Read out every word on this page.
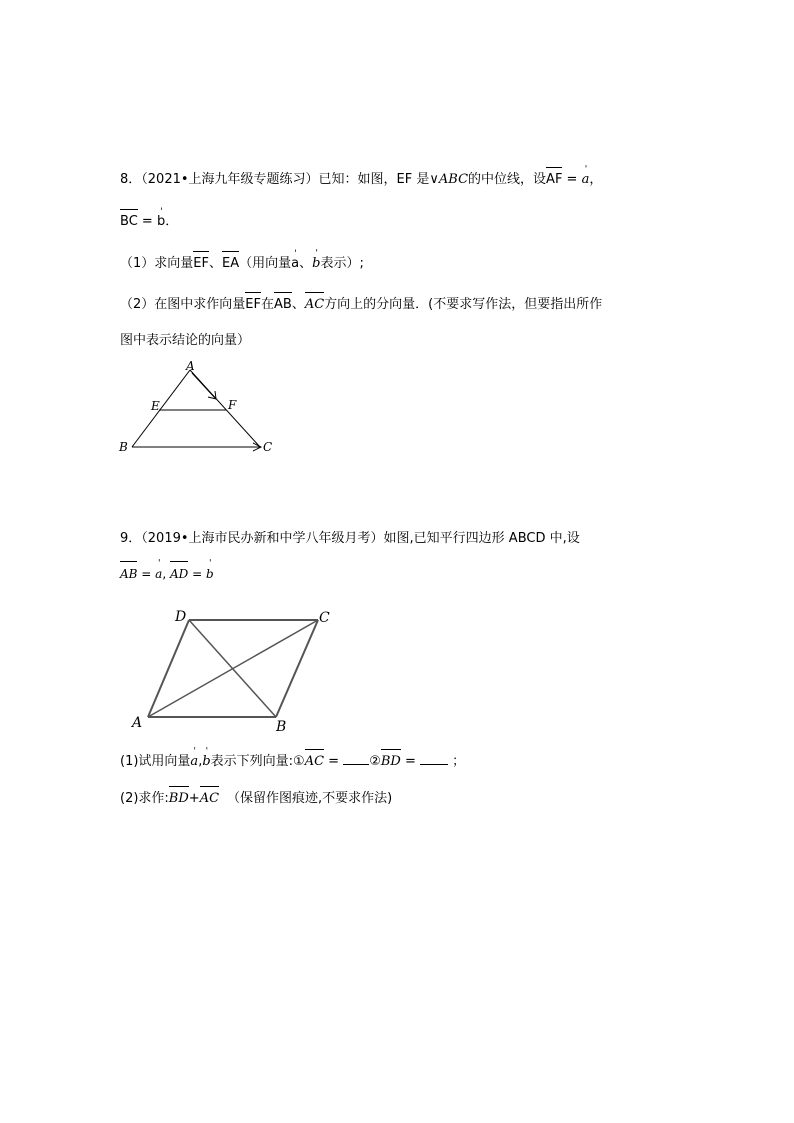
8．（2021•上海九年级专题练习）已知：如图，EF 是∨ABC的中位线，设AF = ' a，
BC = ' b．
（1）求向量EF、EA（用向量' a、' b表示）;
（2）在图中求作向量EF在AB、AC方向上的分向量．(不要求写作法，但要指出所作
图中表示结论的向量）
A
E	F
B	C
9．（2019•上海市民办新和中学八年级月考）如图,已知平行四边形 ABCD 中,设
AB = ' a, AD = ' b
D	C
A	B
(1)试用向量' a,' b表示下列向量:①AC = ②BD =  ；
(2)求作:BD+AC （保留作图痕迹,不要求作法)
